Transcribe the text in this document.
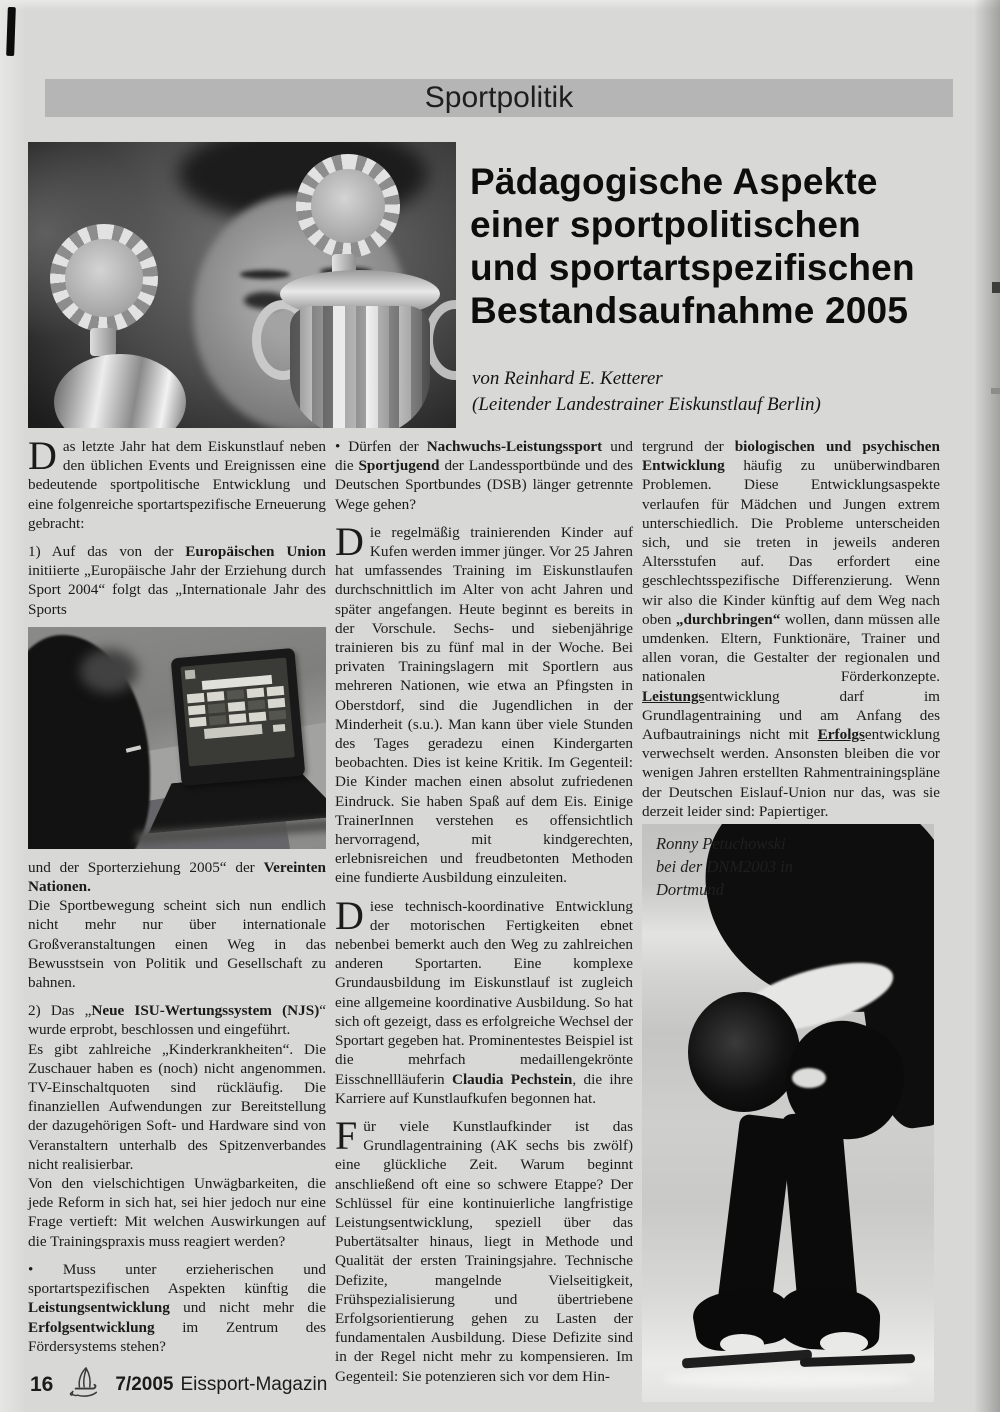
Sportpolitik
Pädagogische Aspekte
einer sportpolitischen
und sportartspezifischen
Bestandsaufnahme 2005
von Reinhard E. Ketterer
(Leitender Landestrainer Eiskunstlauf Berlin)

Das letzte Jahr hat dem Eiskunstlauf neben den üblichen Events und Ereignissen eine bedeutende sportpolitische Entwicklung und eine folgenreiche sportartspezifische Erneuerung gebracht:

1) Auf das von der Europäischen Union initiierte „Europäische Jahr der Erziehung durch Sport 2004“ folgt das „Internationale Jahr des Sports

und der Sporterziehung 2005“ der Vereinten Nationen.

Die Sportbewegung scheint sich nun endlich nicht mehr nur über internationale Großveranstaltungen einen Weg in das Bewusstsein von Politik und Gesellschaft zu bahnen.

2) Das „Neue ISU-Wertungssystem (NJS)“ wurde erprobt, beschlossen und eingeführt.

Es gibt zahlreiche „Kinderkrankheiten“. Die Zuschauer haben es (noch) nicht angenommen. TV-Einschaltquoten sind rückläufig. Die finanziellen Aufwendungen zur Bereitstellung der dazugehörigen Soft- und Hardware sind von Veranstaltern unterhalb des Spitzenverbandes nicht realisierbar.

Von den vielschichtigen Unwägbarkeiten, die jede Reform in sich hat, sei hier jedoch nur eine Frage vertieft: Mit welchen Auswirkungen auf die Trainingspraxis muss reagiert werden?

• Muss unter erzieherischen und sportartspezifischen Aspekten künftig die Leistungsentwicklung und nicht mehr die Erfolgsentwicklung im Zentrum des Fördersystems stehen?

• Dürfen der Nachwuchs-Leistungssport und die Sportjugend der Landessportbünde und des Deutschen Sportbundes (DSB) länger getrennte Wege gehen?

Die regelmäßig trainierenden Kinder auf Kufen werden immer jünger. Vor 25 Jahren hat umfassendes Training im Eiskunstlaufen durchschnittlich im Alter von acht Jahren und später angefangen. Heute beginnt es bereits in der Vorschule. Sechs- und siebenjährige trainieren bis zu fünf mal in der Woche. Bei privaten Trainingslagern mit Sportlern aus mehreren Nationen, wie etwa an Pfingsten in Oberstdorf, sind die Jugendlichen in der Minderheit (s.u.). Man kann über viele Stunden des Tages geradezu einen Kindergarten beobachten. Dies ist keine Kritik. Im Gegenteil: Die Kinder machen einen absolut zufriedenen Eindruck. Sie haben Spaß auf dem Eis. Einige TrainerInnen verstehen es offensichtlich hervorragend, mit kindgerechten, erlebnisreichen und freudbetonten Methoden eine fundierte Ausbildung einzuleiten.

Diese technisch-koordinative Entwicklung der motorischen Fertigkeiten ebnet nebenbei bemerkt auch den Weg zu zahlreichen anderen Sportarten. Eine komplexe Grundausbildung im Eiskunstlauf ist zugleich eine allgemeine koordinative Ausbildung. So hat sich oft gezeigt, dass es erfolgreiche Wechsel der Sportart gegeben hat. Prominentestes Beispiel ist die mehrfach medaillengekrönte Eisschnellläuferin Claudia Pechstein, die ihre Karriere auf Kunstlaufkufen begonnen hat.

Für viele Kunstlaufkinder ist das Grundlagentraining (AK sechs bis zwölf) eine glückliche Zeit. Warum beginnt anschließend oft eine so schwere Etappe? Der Schlüssel für eine kontinuierliche langfristige Leistungsentwicklung, speziell über das Pubertätsalter hinaus, liegt in Methode und Qualität der ersten Trainingsjahre. Technische Defizite, mangelnde Vielseitigkeit, Frühspezialisierung und übertriebene Erfolgsorientierung gehen zu Lasten der fundamentalen Ausbildung. Diese Defizite sind in der Regel nicht mehr zu kompensieren. Im Gegenteil: Sie potenzieren sich vor dem Hin-

tergrund der biologischen und psychischen Entwicklung häufig zu unüberwindbaren Problemen. Diese Entwicklungsaspekte verlaufen für Mädchen und Jungen extrem unterschiedlich. Die Probleme unterscheiden sich, und sie treten in jeweils anderen Altersstufen auf. Das erfordert eine geschlechtsspezifische Differenzierung. Wenn wir also die Kinder künftig auf dem Weg nach oben „durchbringen“ wollen, dann müssen alle umdenken. Eltern, Funktionäre, Trainer und allen voran, die Gestalter der regionalen und nationalen Förderkonzepte. Leistungsentwicklung darf im Grundlagentraining und am Anfang des Aufbautrainings nicht mit Erfolgsentwicklung verwechselt werden. Ansonsten bleiben die vor wenigen Jahren erstellten Rahmentrainingspläne der Deutschen Eislauf-Union nur das, was sie derzeit leider sind: Papiertiger.

Ronny Petuchowski
bei der DNM2003 in
Dortmund
16	7/2005 Eissport-Magazin
